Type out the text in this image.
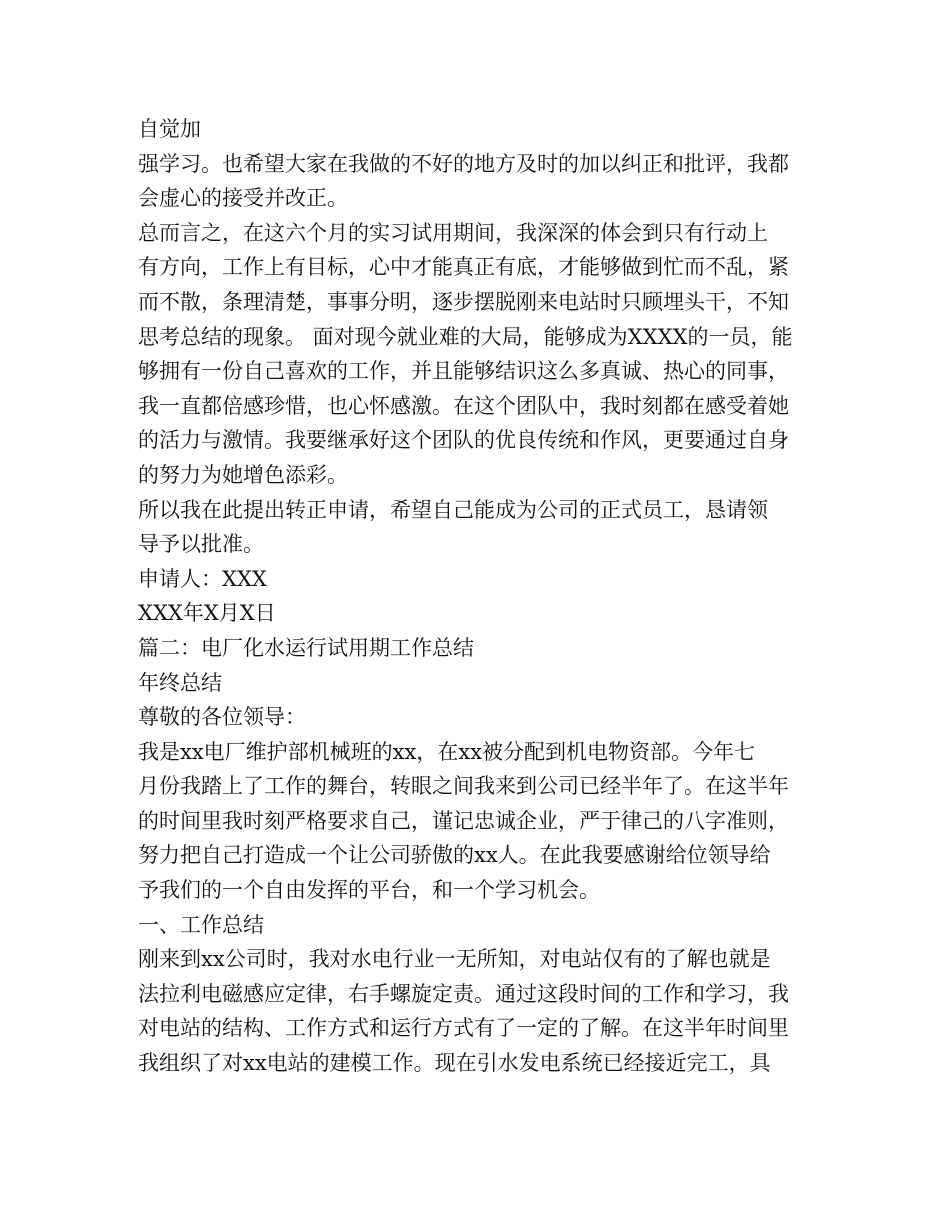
自觉加
强学习。也希望大家在我做的不好的地方及时的加以纠正和批评，我都
会虚心的接受并改正。
总而言之，在这六个月的实习试用期间，我深深的体会到只有行动上
有方向，工作上有目标，心中才能真正有底，才能够做到忙而不乱，紧
而不散，条理清楚，事事分明，逐步摆脱刚来电站时只顾埋头干，不知
思考总结的现象。 面对现今就业难的大局，能够成为XXXX的一员，能
够拥有一份自己喜欢的工作，并且能够结识这么多真诚、热心的同事，
我一直都倍感珍惜，也心怀感激。在这个团队中，我时刻都在感受着她
的活力与激情。我要继承好这个团队的优良传统和作风，更要通过自身
的努力为她增色添彩。
所以我在此提出转正申请，希望自己能成为公司的正式员工，恳请领
导予以批准。
申请人：XXX
XXX年X月X日
篇二：电厂化水运行试用期工作总结
年终总结
尊敬的各位领导：
我是xx电厂维护部机械班的xx，在xx被分配到机电物资部。今年七
月份我踏上了工作的舞台，转眼之间我来到公司已经半年了。在这半年
的时间里我时刻严格要求自己，谨记忠诚企业，严于律己的八字准则，
努力把自己打造成一个让公司骄傲的xx人。在此我要感谢给位领导给
予我们的一个自由发挥的平台，和一个学习机会。
一、工作总结
刚来到xx公司时，我对水电行业一无所知，对电站仅有的了解也就是
法拉利电磁感应定律，右手螺旋定责。通过这段时间的工作和学习，我
对电站的结构、工作方式和运行方式有了一定的了解。在这半年时间里
我组织了对xx电站的建模工作。现在引水发电系统已经接近完工，具
